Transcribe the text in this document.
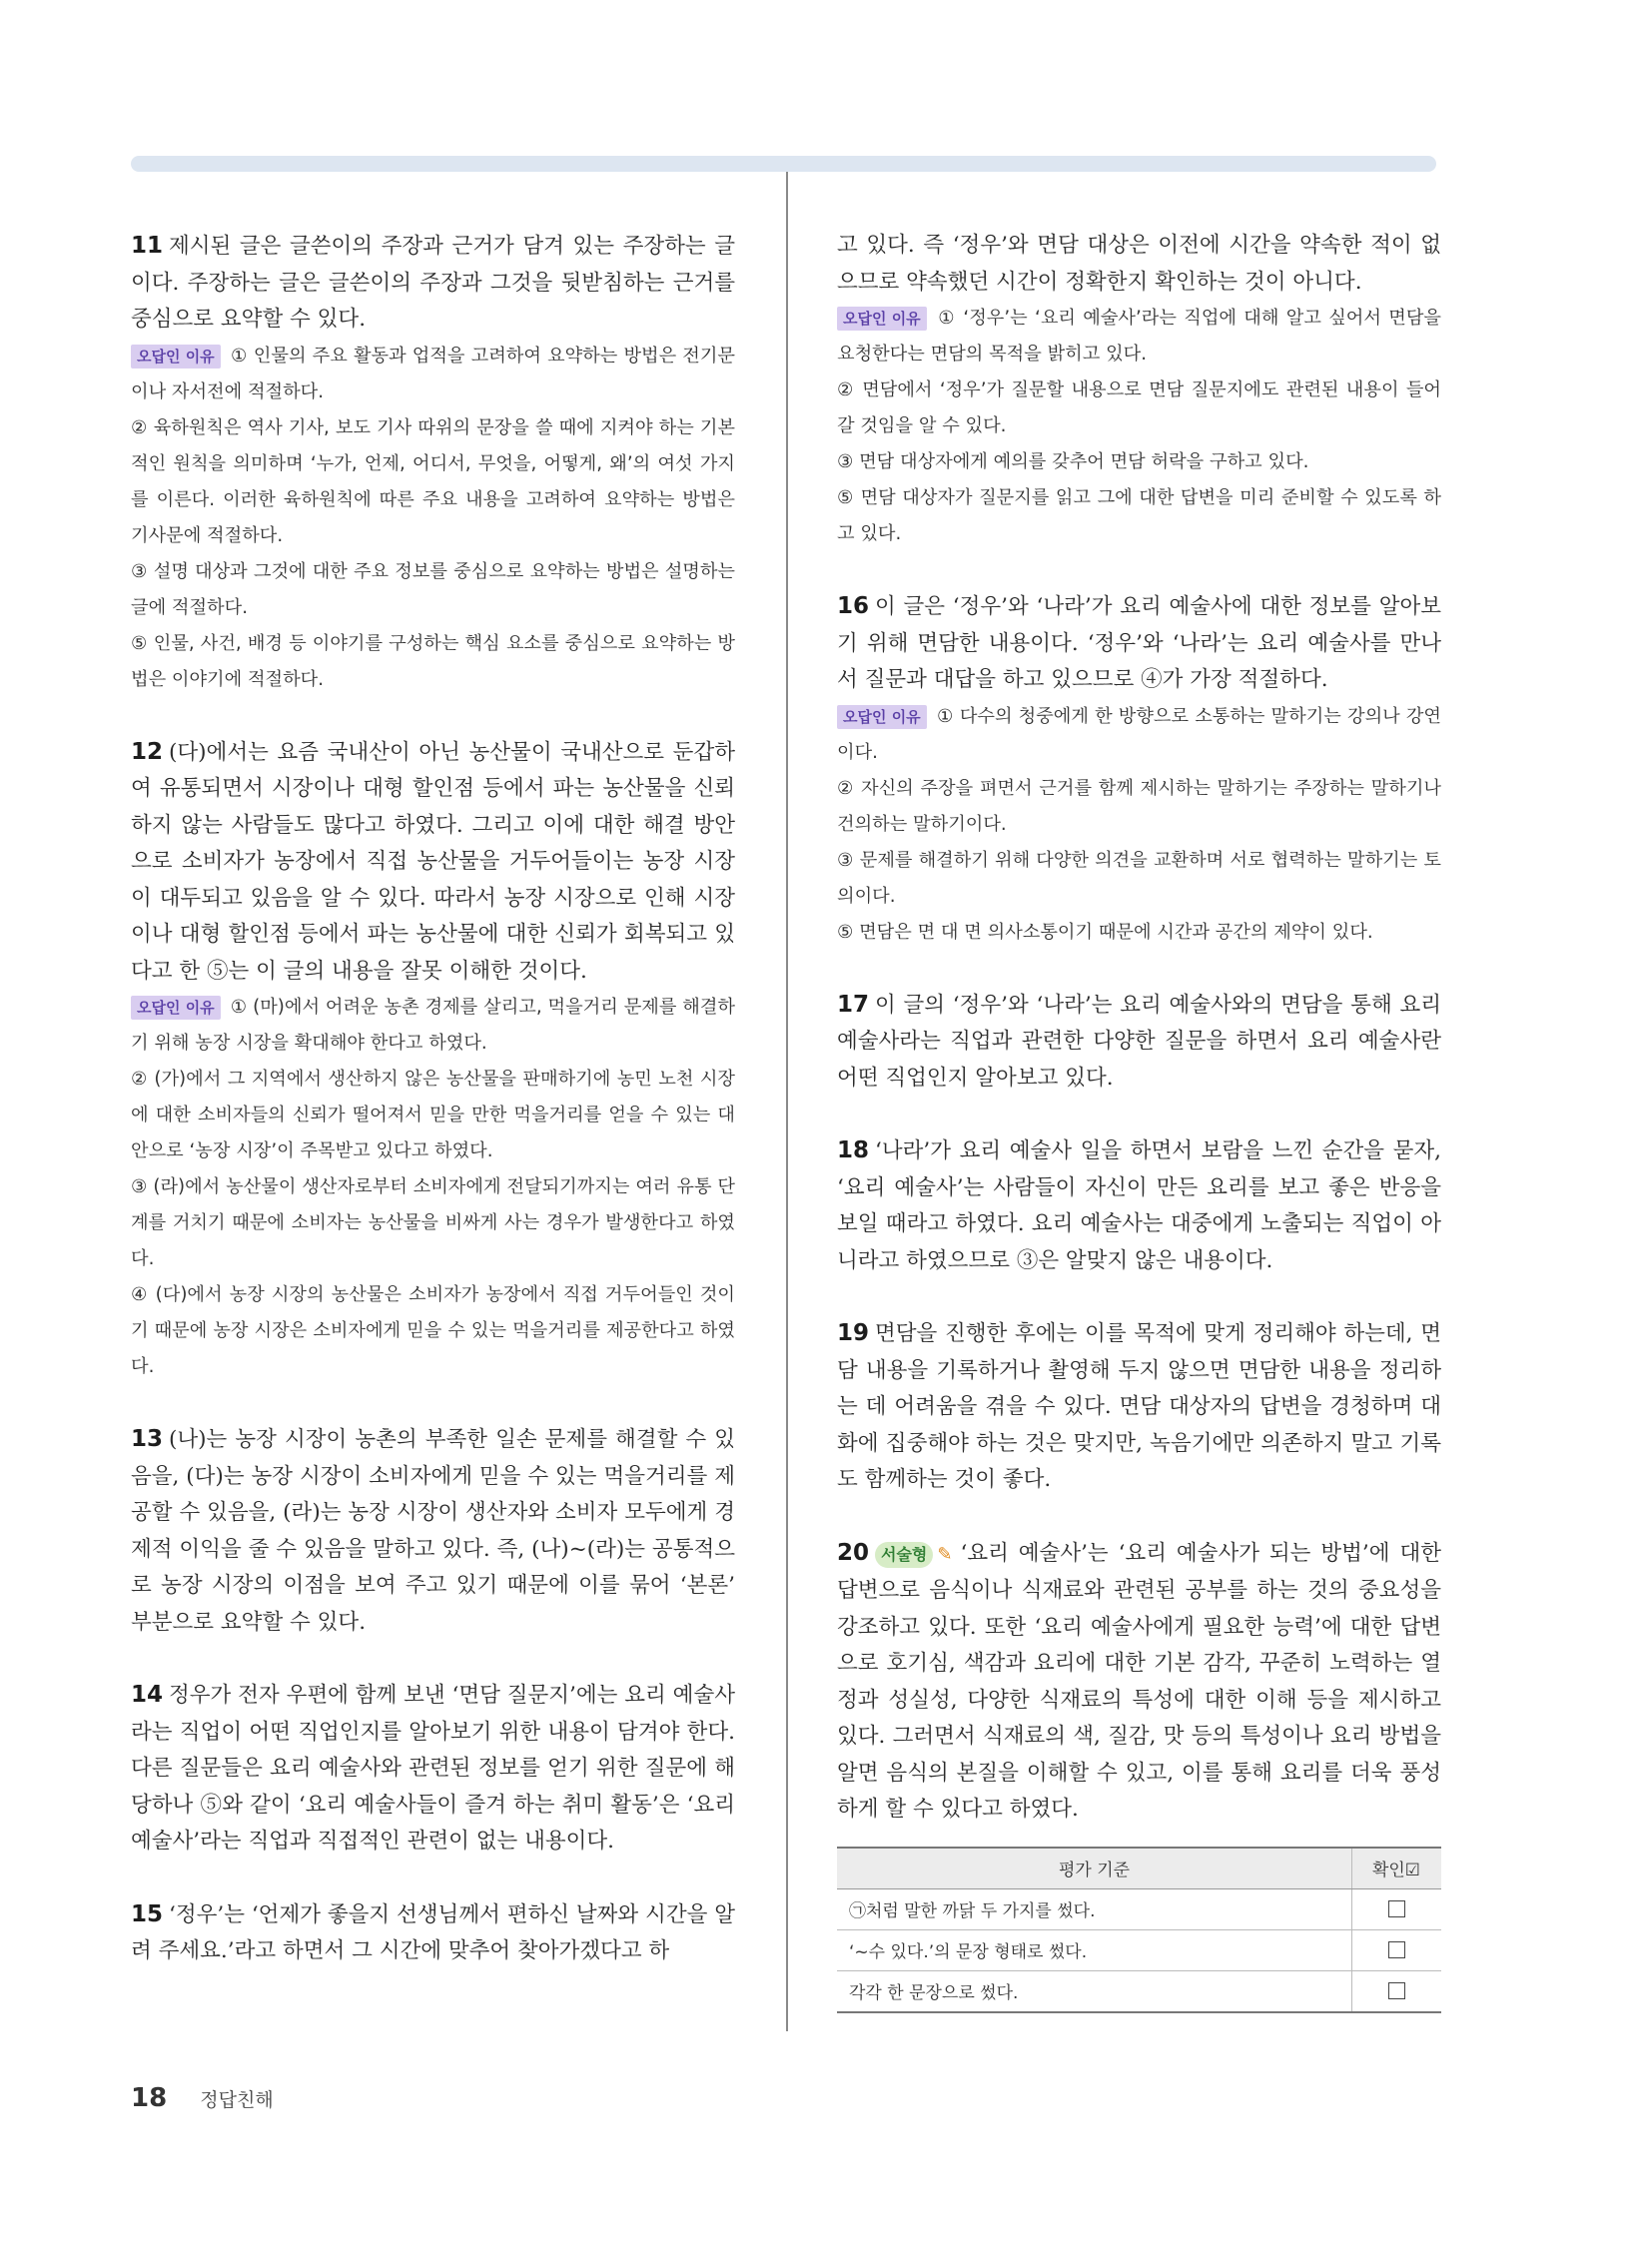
11 제시된 글은 글쓴이의 주장과 근거가 담겨 있는 주장하는 글이다. 주장하는 글은 글쓴이의 주장과 그것을 뒷받침하는 근거를 중심으로 요약할 수 있다.

오답인 이유 ① 인물의 주요 활동과 업적을 고려하여 요약하는 방법은 전기문이나 자서전에 적절하다.

② 육하원칙은 역사 기사, 보도 기사 따위의 문장을 쓸 때에 지켜야 하는 기본적인 원칙을 의미하며 ‘누가, 언제, 어디서, 무엇을, 어떻게, 왜’의 여섯 가지를 이른다. 이러한 육하원칙에 따른 주요 내용을 고려하여 요약하는 방법은 기사문에 적절하다.

③ 설명 대상과 그것에 대한 주요 정보를 중심으로 요약하는 방법은 설명하는 글에 적절하다.

⑤ 인물, 사건, 배경 등 이야기를 구성하는 핵심 요소를 중심으로 요약하는 방법은 이야기에 적절하다.

12 (다)에서는 요즘 국내산이 아닌 농산물이 국내산으로 둔갑하여 유통되면서 시장이나 대형 할인점 등에서 파는 농산물을 신뢰하지 않는 사람들도 많다고 하였다. 그리고 이에 대한 해결 방안으로 소비자가 농장에서 직접 농산물을 거두어들이는 농장 시장이 대두되고 있음을 알 수 있다. 따라서 농장 시장으로 인해 시장이나 대형 할인점 등에서 파는 농산물에 대한 신뢰가 회복되고 있다고 한 ⑤는 이 글의 내용을 잘못 이해한 것이다.

오답인 이유 ① (마)에서 어려운 농촌 경제를 살리고, 먹을거리 문제를 해결하기 위해 농장 시장을 확대해야 한다고 하였다.

② (가)에서 그 지역에서 생산하지 않은 농산물을 판매하기에 농민 노천 시장에 대한 소비자들의 신뢰가 떨어져서 믿을 만한 먹을거리를 얻을 수 있는 대안으로 ‘농장 시장’이 주목받고 있다고 하였다.

③ (라)에서 농산물이 생산자로부터 소비자에게 전달되기까지는 여러 유통 단계를 거치기 때문에 소비자는 농산물을 비싸게 사는 경우가 발생한다고 하였다.

④ (다)에서 농장 시장의 농산물은 소비자가 농장에서 직접 거두어들인 것이기 때문에 농장 시장은 소비자에게 믿을 수 있는 먹을거리를 제공한다고 하였다.

13 (나)는 농장 시장이 농촌의 부족한 일손 문제를 해결할 수 있음을, (다)는 농장 시장이 소비자에게 믿을 수 있는 먹을거리를 제공할 수 있음을, (라)는 농장 시장이 생산자와 소비자 모두에게 경제적 이익을 줄 수 있음을 말하고 있다. 즉, (나)~(라)는 공통적으로 농장 시장의 이점을 보여 주고 있기 때문에 이를 묶어 ‘본론’ 부분으로 요약할 수 있다.

14 정우가 전자 우편에 함께 보낸 ‘면담 질문지’에는 요리 예술사라는 직업이 어떤 직업인지를 알아보기 위한 내용이 담겨야 한다. 다른 질문들은 요리 예술사와 관련된 정보를 얻기 위한 질문에 해당하나 ⑤와 같이 ‘요리 예술사들이 즐겨 하는 취미 활동’은 ‘요리 예술사’라는 직업과 직접적인 관련이 없는 내용이다.

15 ‘정우’는 ‘언제가 좋을지 선생님께서 편하신 날짜와 시간을 알려 주세요.’라고 하면서 그 시간에 맞추어 찾아가겠다고 하

고 있다. 즉 ‘정우’와 면담 대상은 이전에 시간을 약속한 적이 없으므로 약속했던 시간이 정확한지 확인하는 것이 아니다.

오답인 이유 ① ‘정우’는 ‘요리 예술사’라는 직업에 대해 알고 싶어서 면담을 요청한다는 면담의 목적을 밝히고 있다.

② 면담에서 ‘정우’가 질문할 내용으로 면담 질문지에도 관련된 내용이 들어갈 것임을 알 수 있다.

③ 면담 대상자에게 예의를 갖추어 면담 허락을 구하고 있다.

⑤ 면담 대상자가 질문지를 읽고 그에 대한 답변을 미리 준비할 수 있도록 하고 있다.

16 이 글은 ‘정우’와 ‘나라’가 요리 예술사에 대한 정보를 알아보기 위해 면담한 내용이다. ‘정우’와 ‘나라’는 요리 예술사를 만나서 질문과 대답을 하고 있으므로 ④가 가장 적절하다.

오답인 이유 ① 다수의 청중에게 한 방향으로 소통하는 말하기는 강의나 강연이다.

② 자신의 주장을 펴면서 근거를 함께 제시하는 말하기는 주장하는 말하기나 건의하는 말하기이다.

③ 문제를 해결하기 위해 다양한 의견을 교환하며 서로 협력하는 말하기는 토의이다.

⑤ 면담은 면 대 면 의사소통이기 때문에 시간과 공간의 제약이 있다.

17 이 글의 ‘정우’와 ‘나라’는 요리 예술사와의 면담을 통해 요리 예술사라는 직업과 관련한 다양한 질문을 하면서 요리 예술사란 어떤 직업인지 알아보고 있다.

18 ‘나라’가 요리 예술사 일을 하면서 보람을 느낀 순간을 묻자, ‘요리 예술사’는 사람들이 자신이 만든 요리를 보고 좋은 반응을 보일 때라고 하였다. 요리 예술사는 대중에게 노출되는 직업이 아니라고 하였으므로 ③은 알맞지 않은 내용이다.

19 면담을 진행한 후에는 이를 목적에 맞게 정리해야 하는데, 면담 내용을 기록하거나 촬영해 두지 않으면 면담한 내용을 정리하는 데 어려움을 겪을 수 있다. 면담 대상자의 답변을 경청하며 대화에 집중해야 하는 것은 맞지만, 녹음기에만 의존하지 말고 기록도 함께하는 것이 좋다.

20 서술형 ✎ ‘요리 예술사’는 ‘요리 예술사가 되는 방법’에 대한 답변으로 음식이나 식재료와 관련된 공부를 하는 것의 중요성을 강조하고 있다. 또한 ‘요리 예술사에게 필요한 능력’에 대한 답변으로 호기심, 색감과 요리에 대한 기본 감각, 꾸준히 노력하는 열정과 성실성, 다양한 식재료의 특성에 대한 이해 등을 제시하고 있다. 그러면서 식재료의 색, 질감, 맛 등의 특성이나 요리 방법을 알면 음식의 본질을 이해할 수 있고, 이를 통해 요리를 더욱 풍성하게 할 수 있다고 하였다.

평가 기준	확인☑
㉠처럼 말한 까닭 두 가지를 썼다.	
‘~수 있다.’의 문장 형태로 썼다.	
각각 한 문장으로 썼다.	
18 정답친해
